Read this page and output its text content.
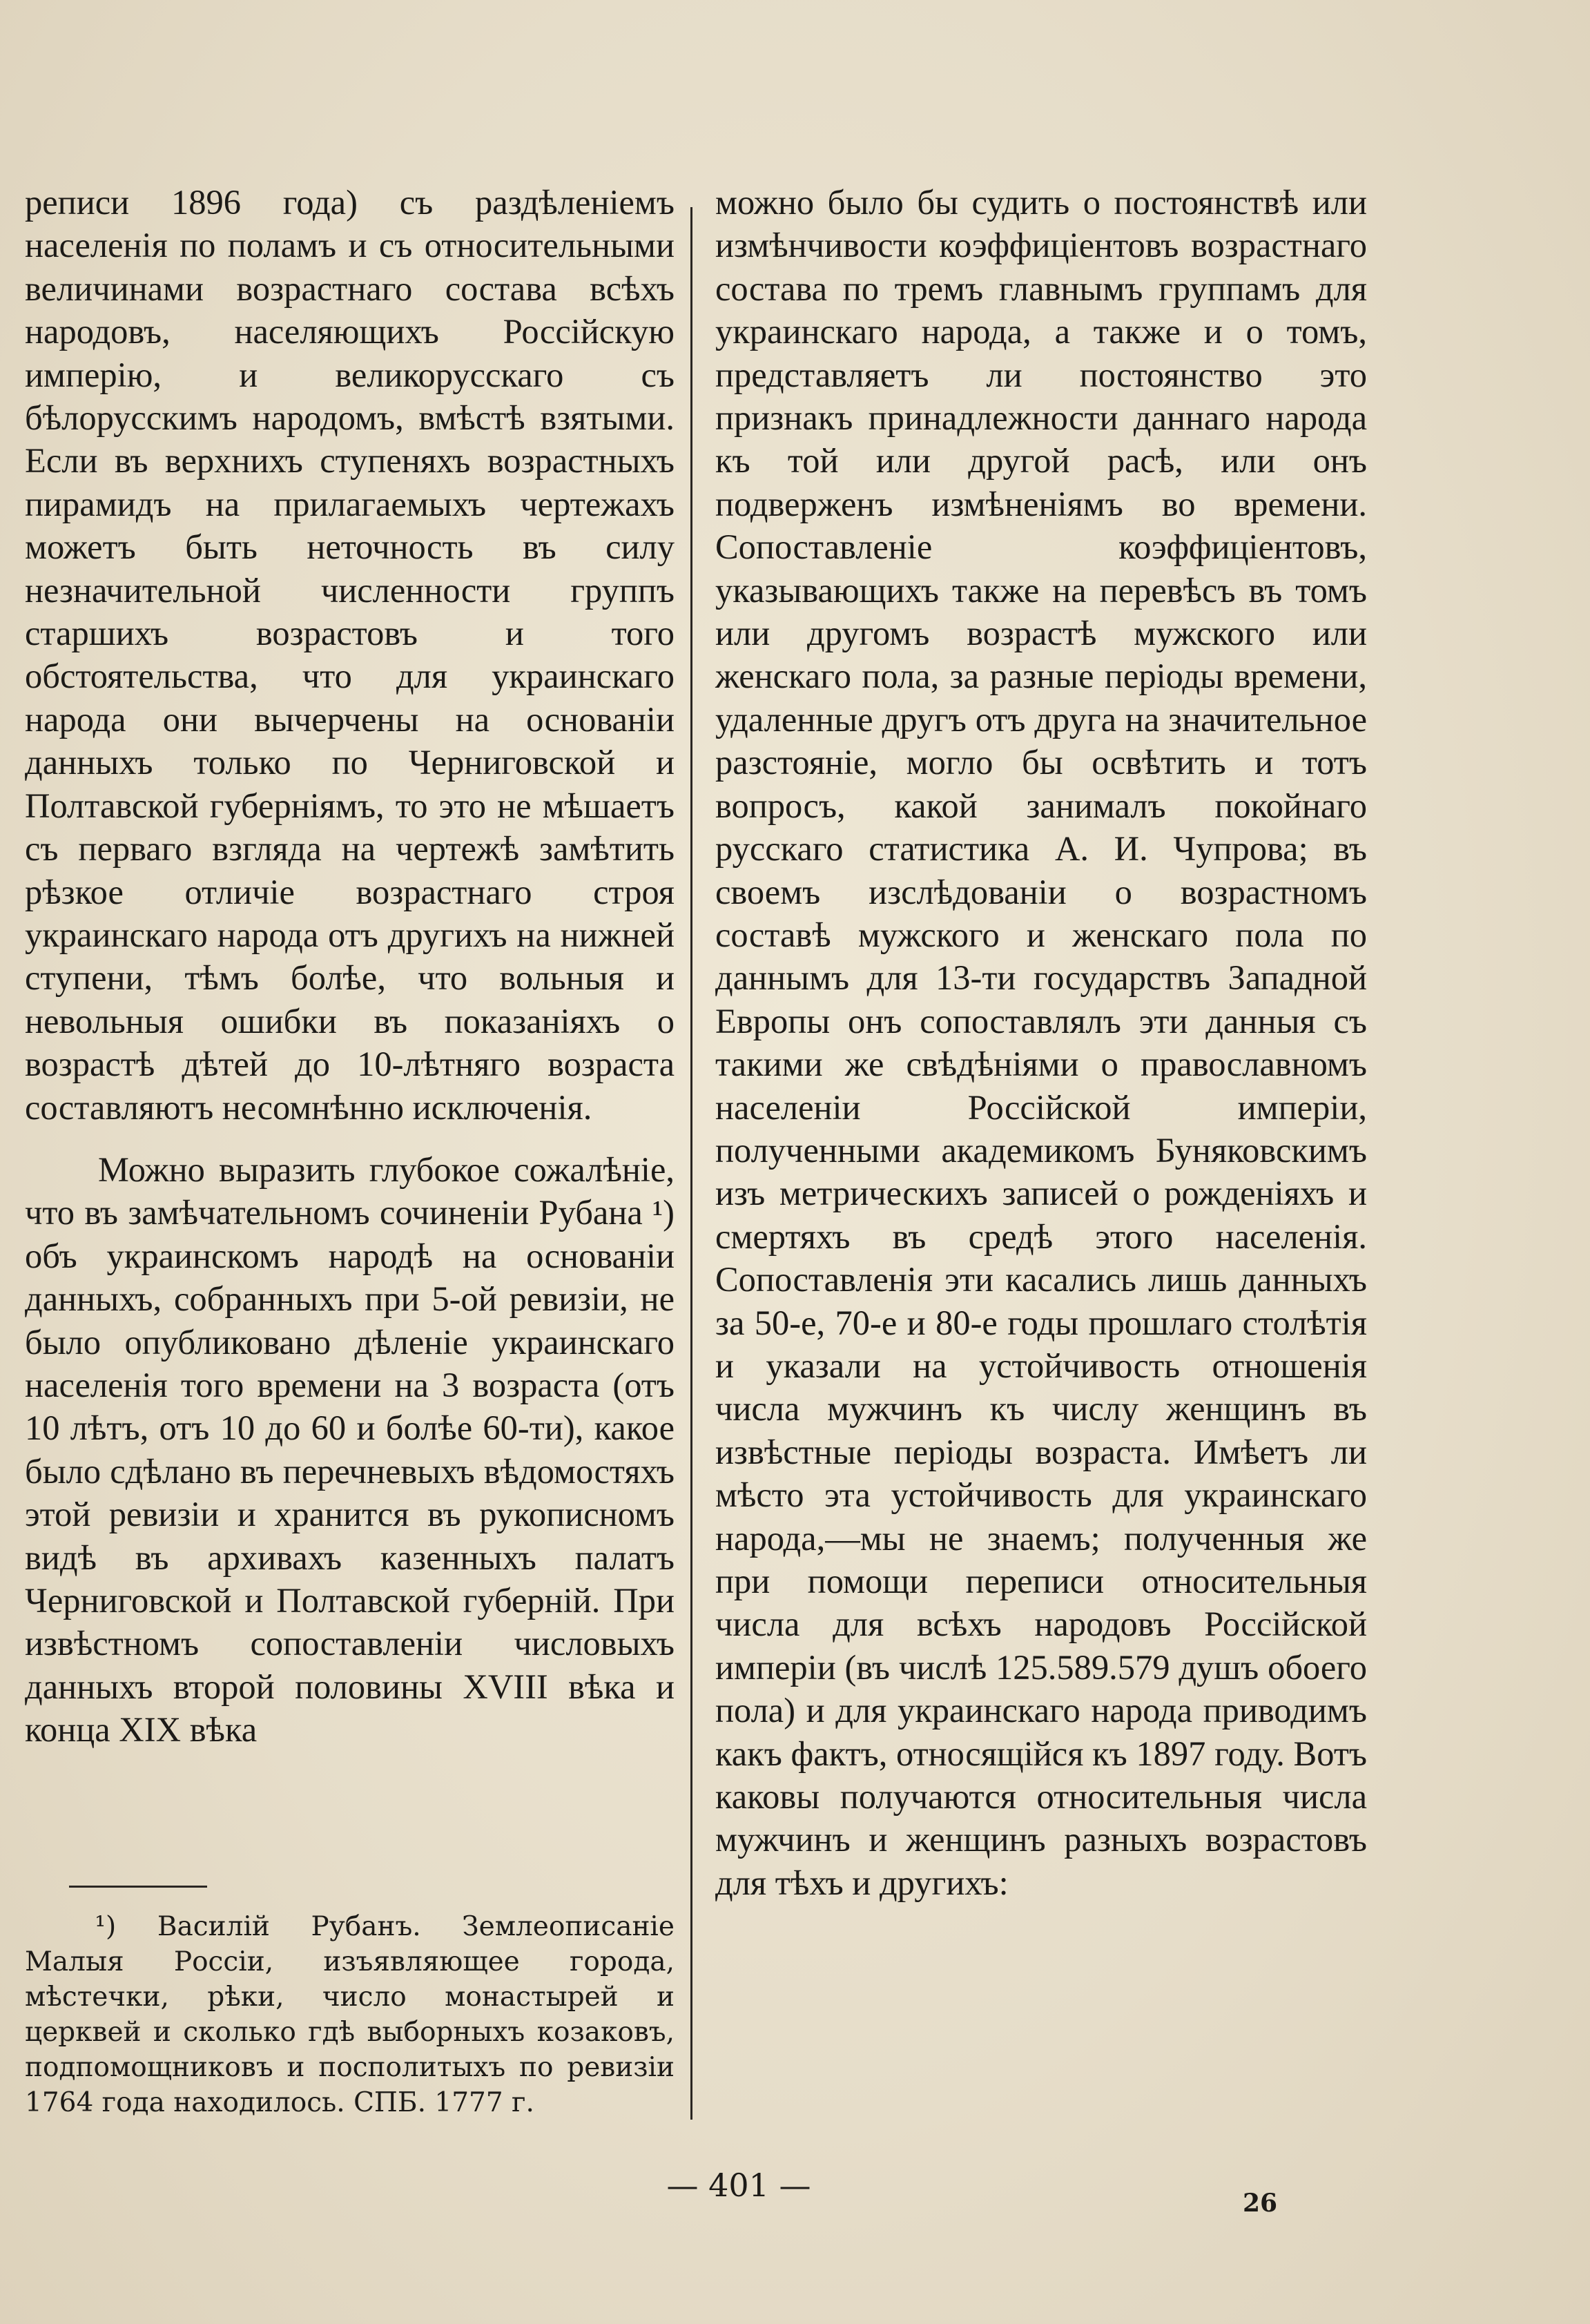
реписи 1896 года) съ раздѣленіемъ населенія по поламъ и съ относительными величинами возрастнаго состава всѣхъ народовъ, населяющихъ Россійскую имперію, и великорусскаго съ бѣлорусскимъ народомъ, вмѣстѣ взятыми. Если въ верхнихъ ступеняхъ возрастныхъ пирамидъ на прилагаемыхъ чертежахъ можетъ быть неточность въ силу незначительной численности группъ старшихъ возрастовъ и того обстоятельства, что для украинскаго народа они вычерчены на основаніи данныхъ только по Черниговской и Полтавской губерніямъ, то это не мѣшаетъ съ перваго взгляда на чертежѣ замѣтить рѣзкое отличіе возрастнаго строя украинскаго народа отъ другихъ на нижней ступени, тѣмъ болѣе, что вольныя и невольныя ошибки въ показаніяхъ о возрастѣ дѣтей до 10-лѣтняго возраста составляютъ несомнѣнно исключенія.

Можно выразить глубокое сожалѣніе, что въ замѣчательномъ сочиненіи Рубана ¹) объ украинскомъ народѣ на основаніи данныхъ, собранныхъ при 5-ой ревизіи, не было опубликовано дѣленіе украинскаго населенія того времени на 3 возраста (отъ 10 лѣтъ, отъ 10 до 60 и болѣе 60-ти), какое было сдѣлано въ перечневыхъ вѣдомостяхъ этой ревизіи и хранится въ рукописномъ видѣ въ архивахъ казенныхъ палатъ Черниговской и Полтавской губерній. При извѣстномъ сопоставленіи числовыхъ данныхъ второй половины XVIII вѣка и конца XIX вѣка

можно было бы судить о постоянствѣ или измѣнчивости коэффиціентовъ возрастнаго состава по тремъ главнымъ группамъ для украинскаго народа, а также и о томъ, представляетъ ли постоянство это признакъ принадлежности даннаго народа къ той или другой расѣ, или онъ подверженъ измѣненіямъ во времени. Сопоставленіе коэффиціентовъ, указывающихъ также на перевѣсъ въ томъ или другомъ возрастѣ мужского или женскаго пола, за разные періоды времени, удаленные другъ отъ друга на значительное разстояніе, могло бы освѣтить и тотъ вопросъ, какой занималъ покойнаго русскаго статистика А. И. Чупрова; въ своемъ изслѣдованіи о возрастномъ составѣ мужского и женскаго пола по даннымъ для 13-ти государствъ Западной Европы онъ сопоставлялъ эти данныя съ такими же свѣдѣніями о православномъ населеніи Россійской имперіи, полученными академикомъ Буняковскимъ изъ метрическихъ записей о рожденіяхъ и смертяхъ въ средѣ этого населенія. Сопоставленія эти касались лишь данныхъ за 50-е, 70-е и 80-е годы прошлаго столѣтія и указали на устойчивость отношенія числа мужчинъ къ числу женщинъ въ извѣстные періоды возраста. Имѣетъ ли мѣсто эта устойчивость для украинскаго народа,—мы не знаемъ; полученныя же при помощи переписи относительныя числа для всѣхъ народовъ Россійской имперіи (въ числѣ 125.589.579 душъ обоего пола) и для украинскаго народа приводимъ какъ фактъ, относящійся къ 1897 году. Вотъ каковы получаются относительныя числа мужчинъ и женщинъ разныхъ возрастовъ для тѣхъ и другихъ:

¹) Василій Рубанъ. Землеописаніе Малыя Россіи, изъявляющее города, мѣстечки, рѣки, число монастырей и церквей и сколько гдѣ выборныхъ козаковъ, подпомощниковъ и посполитыхъ по ревизіи 1764 года находилось. СПБ. 1777 г.

— 401 —	26
